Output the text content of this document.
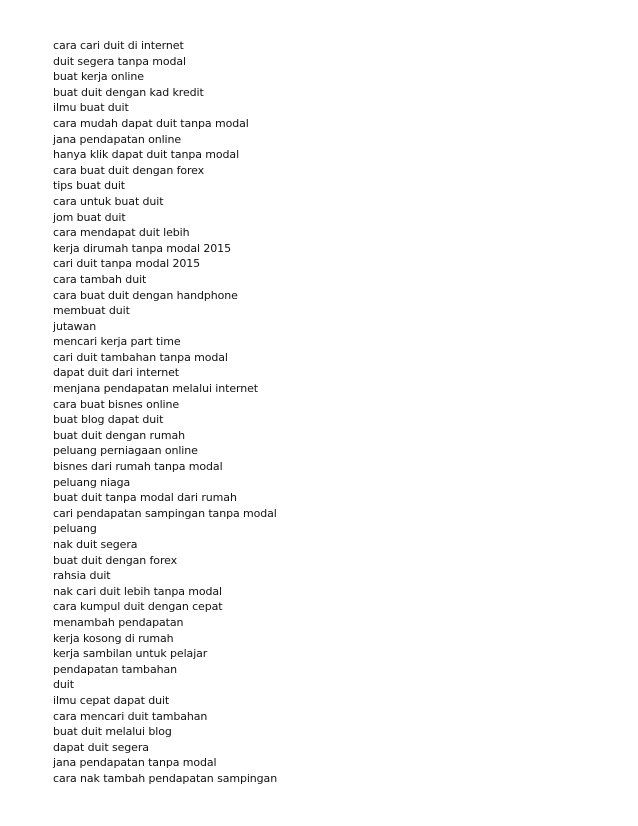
cara cari duit di internet
duit segera tanpa modal
buat kerja online
buat duit dengan kad kredit
ilmu buat duit
cara mudah dapat duit tanpa modal
jana pendapatan online
hanya klik dapat duit tanpa modal
cara buat duit dengan forex
tips buat duit
cara untuk buat duit
jom buat duit
cara mendapat duit lebih
kerja dirumah tanpa modal 2015
cari duit tanpa modal 2015
cara tambah duit
cara buat duit dengan handphone
membuat duit
jutawan
mencari kerja part time
cari duit tambahan tanpa modal
dapat duit dari internet
menjana pendapatan melalui internet
cara buat bisnes online
buat blog dapat duit
buat duit dengan rumah
peluang perniagaan online
bisnes dari rumah tanpa modal
peluang niaga
buat duit tanpa modal dari rumah
cari pendapatan sampingan tanpa modal
peluang
nak duit segera
buat duit dengan forex
rahsia duit
nak cari duit lebih tanpa modal
cara kumpul duit dengan cepat
menambah pendapatan
kerja kosong di rumah
kerja sambilan untuk pelajar
pendapatan tambahan
duit
ilmu cepat dapat duit
cara mencari duit tambahan
buat duit melalui blog
dapat duit segera
jana pendapatan tanpa modal
cara nak tambah pendapatan sampingan
